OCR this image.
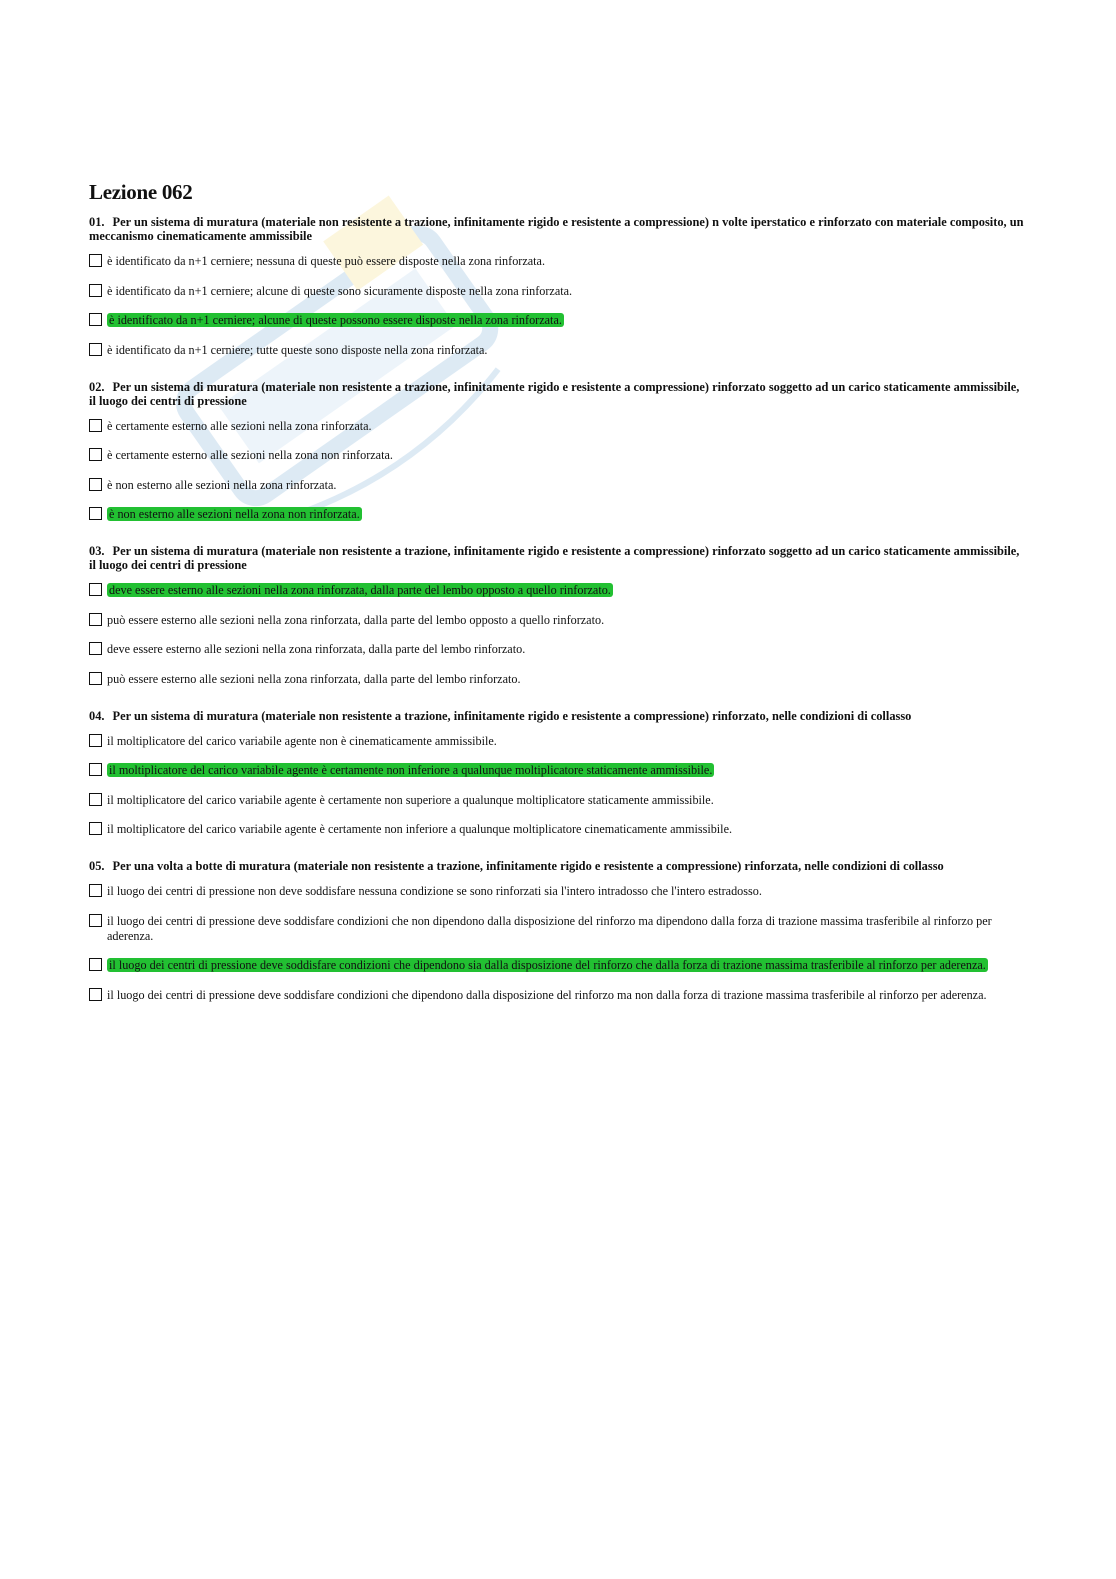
Lezione 062
01. Per un sistema di muratura (materiale non resistente a trazione, infinitamente rigido e resistente a compressione) n volte iperstatico e rinforzato con materiale composito, un meccanismo cinematicamente ammissibile
è identificato da n+1 cerniere; nessuna di queste può essere disposte nella zona rinforzata.
è identificato da n+1 cerniere; alcune di queste sono sicuramente disposte nella zona rinforzata.
è identificato da n+1 cerniere; alcune di queste possono essere disposte nella zona rinforzata.
è identificato da n+1 cerniere; tutte queste sono disposte nella zona rinforzata.
02. Per un sistema di muratura (materiale non resistente a trazione, infinitamente rigido e resistente a compressione) rinforzato soggetto ad un carico staticamente ammissibile, il luogo dei centri di pressione
è certamente esterno alle sezioni nella zona rinforzata.
è certamente esterno alle sezioni nella zona non rinforzata.
è non esterno alle sezioni nella zona rinforzata.
è non esterno alle sezioni nella zona non rinforzata.
03. Per un sistema di muratura (materiale non resistente a trazione, infinitamente rigido e resistente a compressione) rinforzato soggetto ad un carico staticamente ammissibile, il luogo dei centri di pressione
deve essere esterno alle sezioni nella zona rinforzata, dalla parte del lembo opposto a quello rinforzato.
può essere esterno alle sezioni nella zona rinforzata, dalla parte del lembo opposto a quello rinforzato.
deve essere esterno alle sezioni nella zona rinforzata, dalla parte del lembo rinforzato.
può essere esterno alle sezioni nella zona rinforzata, dalla parte del lembo rinforzato.
04. Per un sistema di muratura (materiale non resistente a trazione, infinitamente rigido e resistente a compressione) rinforzato, nelle condizioni di collasso
il moltiplicatore del carico variabile agente non è cinematicamente ammissibile.
il moltiplicatore del carico variabile agente è certamente non inferiore a qualunque moltiplicatore staticamente ammissibile.
il moltiplicatore del carico variabile agente è certamente non superiore a qualunque moltiplicatore staticamente ammissibile.
il moltiplicatore del carico variabile agente è certamente non inferiore a qualunque moltiplicatore cinematicamente ammissibile.
05. Per una volta a botte di muratura (materiale non resistente a trazione, infinitamente rigido e resistente a compressione) rinforzata, nelle condizioni di collasso
il luogo dei centri di pressione non deve soddisfare nessuna condizione se sono rinforzati sia l'intero intradosso che l'intero estradosso.
il luogo dei centri di pressione deve soddisfare condizioni che non dipendono dalla disposizione del rinforzo ma dipendono dalla forza di trazione massima trasferibile al rinforzo per aderenza.
il luogo dei centri di pressione deve soddisfare condizioni che dipendono sia dalla disposizione del rinforzo che dalla forza di trazione massima trasferibile al rinforzo per aderenza.
il luogo dei centri di pressione deve soddisfare condizioni che dipendono dalla disposizione del rinforzo ma non dalla forza di trazione massima trasferibile al rinforzo per aderenza.
